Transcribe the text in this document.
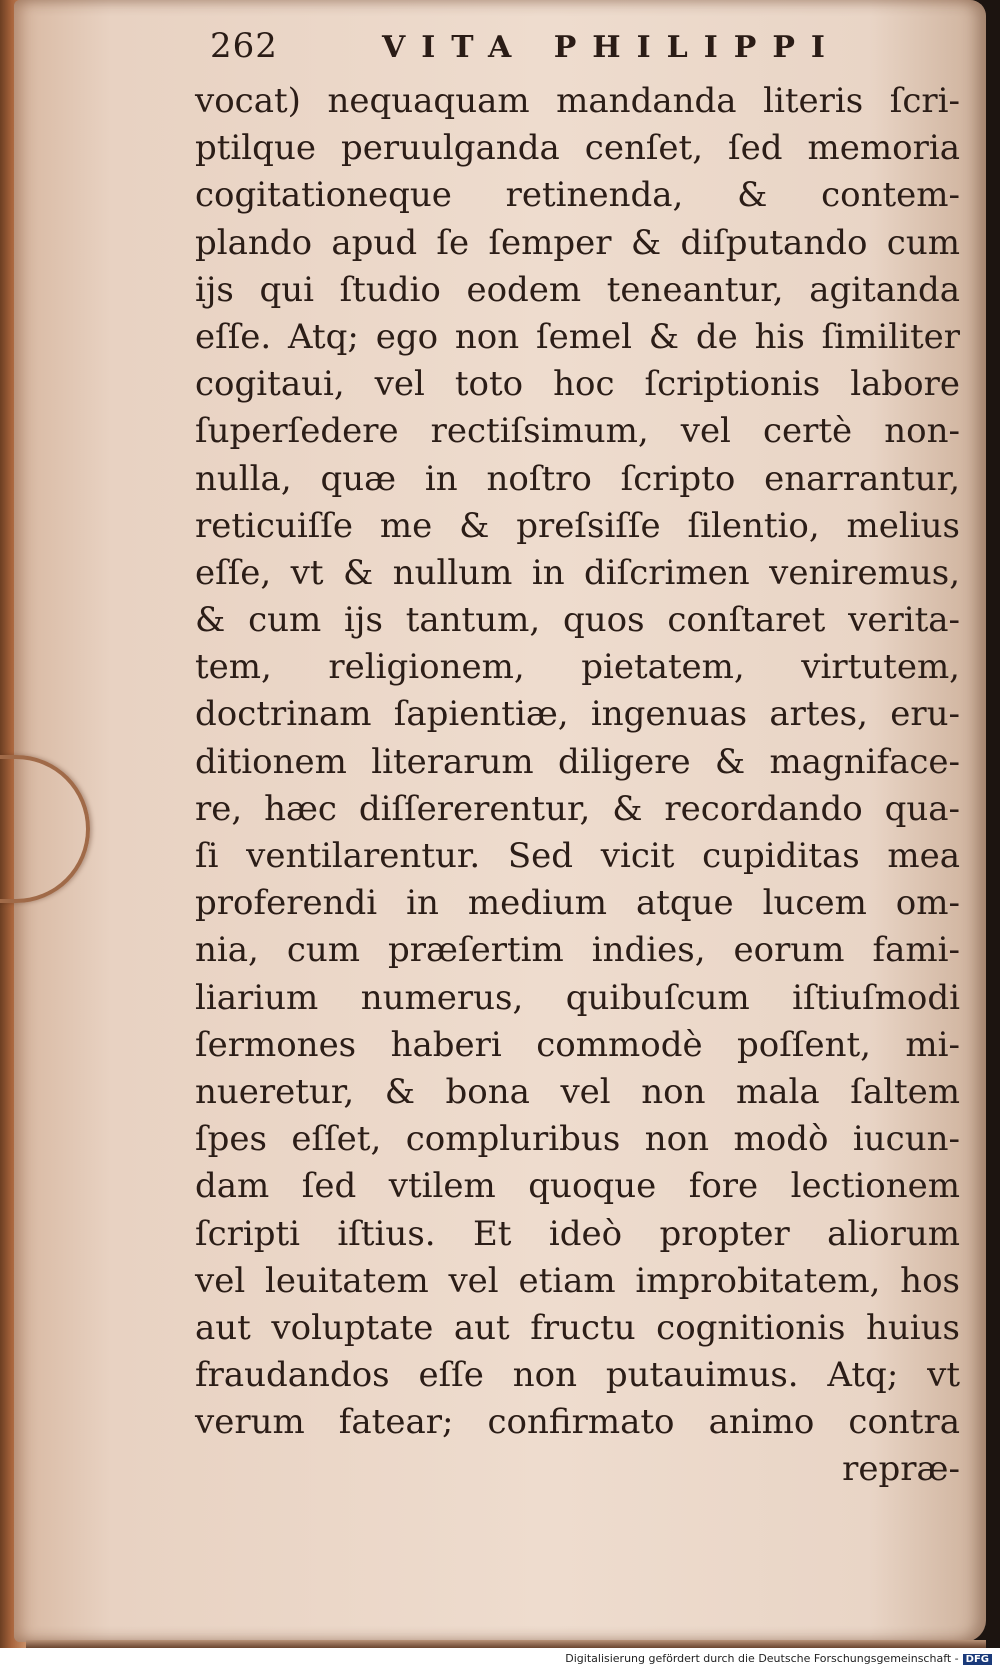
262	VITA PHILIPPI
vocat) nequaquam mandanda literis ſcri-
ptilque peruulganda cenſet, ſed memoria
cogitationeque retinenda, & contem-
plando apud ſe ſemper & diſputando cum
ijs qui ſtudio eodem teneantur, agitanda
eſſe. Atq; ego non ſemel & de his ſimiliter
cogitaui, vel toto hoc ſcriptionis labore
ſuperſedere rectiſsimum, vel certè non-
nulla, quæ in noſtro ſcripto enarrantur,
reticuiſſe me & preſsiſſe ſilentio, melius
eſſe, vt & nullum in diſcrimen veniremus,
& cum ijs tantum, quos conſtaret verita-
tem, religionem, pietatem, virtutem,
doctrinam ſapientiæ, ingenuas artes, eru-
ditionem literarum diligere & magnifacе-
re, hæc diſſererentur, & recordando qua-
ſi ventilarentur. Sed vicit cupiditas mea
proferendi in medium atque lucem om-
nia, cum præſertim indies, eorum fami-
liarium numerus, quibuſcum iſtiuſmodi
ſermones haberi commodè poſſent, mi-
nueretur, & bona vel non mala ſaltem
ſpes eſſet, compluribus non modò iucun-
dam ſed vtilem quoque fore lectionem
ſcripti iſtius. Et ideò propter aliorum
vel leuitatem vel etiam improbitatem, hos
aut voluptate aut fructu cognitionis huius
fraudandos eſſe non putauimus. Atq; vt
verum fatear; confirmato animo contra
repræ-
Digitalisierung gefördert durch die Deutsche Forschungsgemeinschaft - DFG
